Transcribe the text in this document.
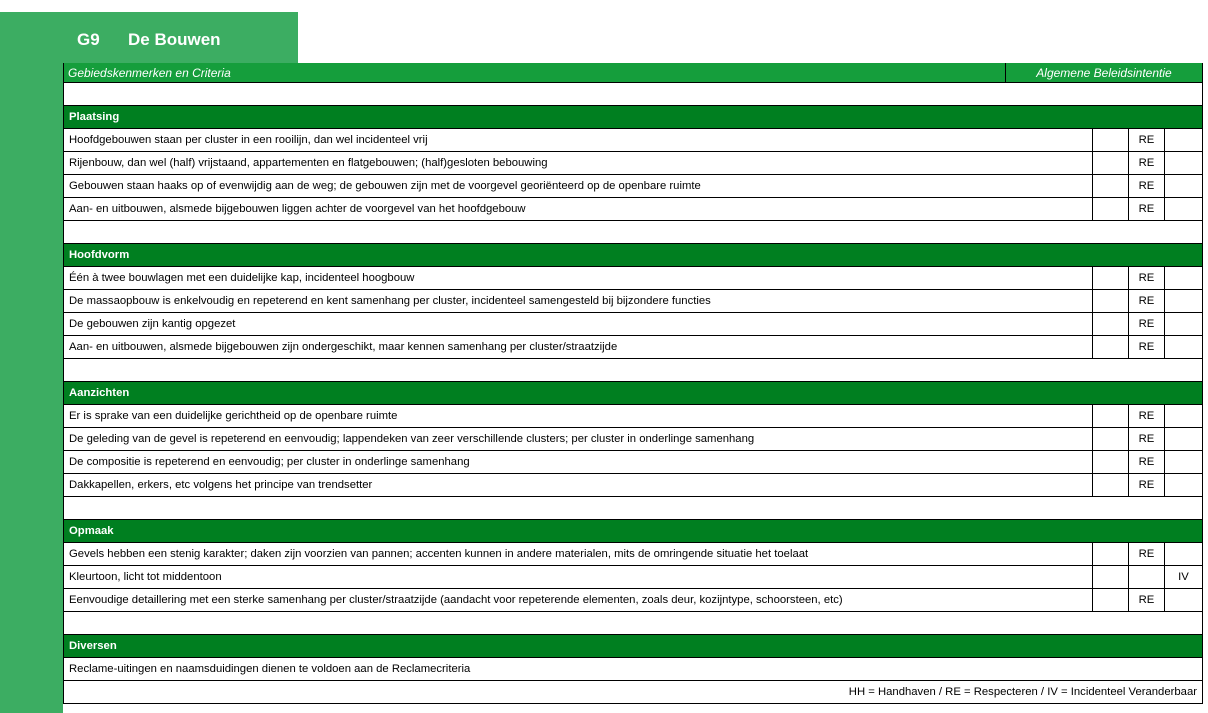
G9 De Bouwen
Gebiedskenmerken en Criteria	Algemene Beleidsintentie
Plaatsing
Hoofdgebouwen staan per cluster in een rooilijn, dan wel incidenteel vrij	RE
Rijenbouw, dan wel (half) vrijstaand, appartementen en flatgebouwen; (half)gesloten bebouwing	RE
Gebouwen staan haaks op of evenwijdig aan de weg; de gebouwen zijn met de voorgevel georiënteerd op de openbare ruimte	RE
Aan- en uitbouwen, alsmede bijgebouwen liggen achter de voorgevel van het hoofdgebouw	RE
Hoofdvorm
Één à twee bouwlagen met een duidelijke kap, incidenteel hoogbouw	RE
De massaopbouw is enkelvoudig en repeterend en kent samenhang per cluster, incidenteel samengesteld bij bijzondere functies	RE
De gebouwen zijn kantig opgezet	RE
Aan- en uitbouwen, alsmede bijgebouwen zijn ondergeschikt, maar kennen samenhang per cluster/straatzijde	RE
Aanzichten
Er is sprake van een duidelijke gerichtheid op de openbare ruimte	RE
De geleding van de gevel is repeterend en eenvoudig; lappendeken van zeer verschillende clusters; per cluster in onderlinge samenhang	RE
De compositie is repeterend en eenvoudig; per cluster in onderlinge samenhang	RE
Dakkapellen, erkers, etc volgens het principe van trendsetter	RE
Opmaak
Gevels hebben een stenig karakter; daken zijn voorzien van pannen; accenten kunnen in andere materialen, mits de omringende situatie het toelaat	RE
Kleurtoon, licht tot middentoon	IV
Eenvoudige detaillering met een sterke samenhang per cluster/straatzijde (aandacht voor repeterende elementen, zoals deur, kozijntype, schoorsteen, etc)	RE
Diversen
Reclame-uitingen en naamsduidingen dienen te voldoen aan de Reclamecriteria
HH = Handhaven / RE = Respecteren / IV = Incidenteel Veranderbaar
